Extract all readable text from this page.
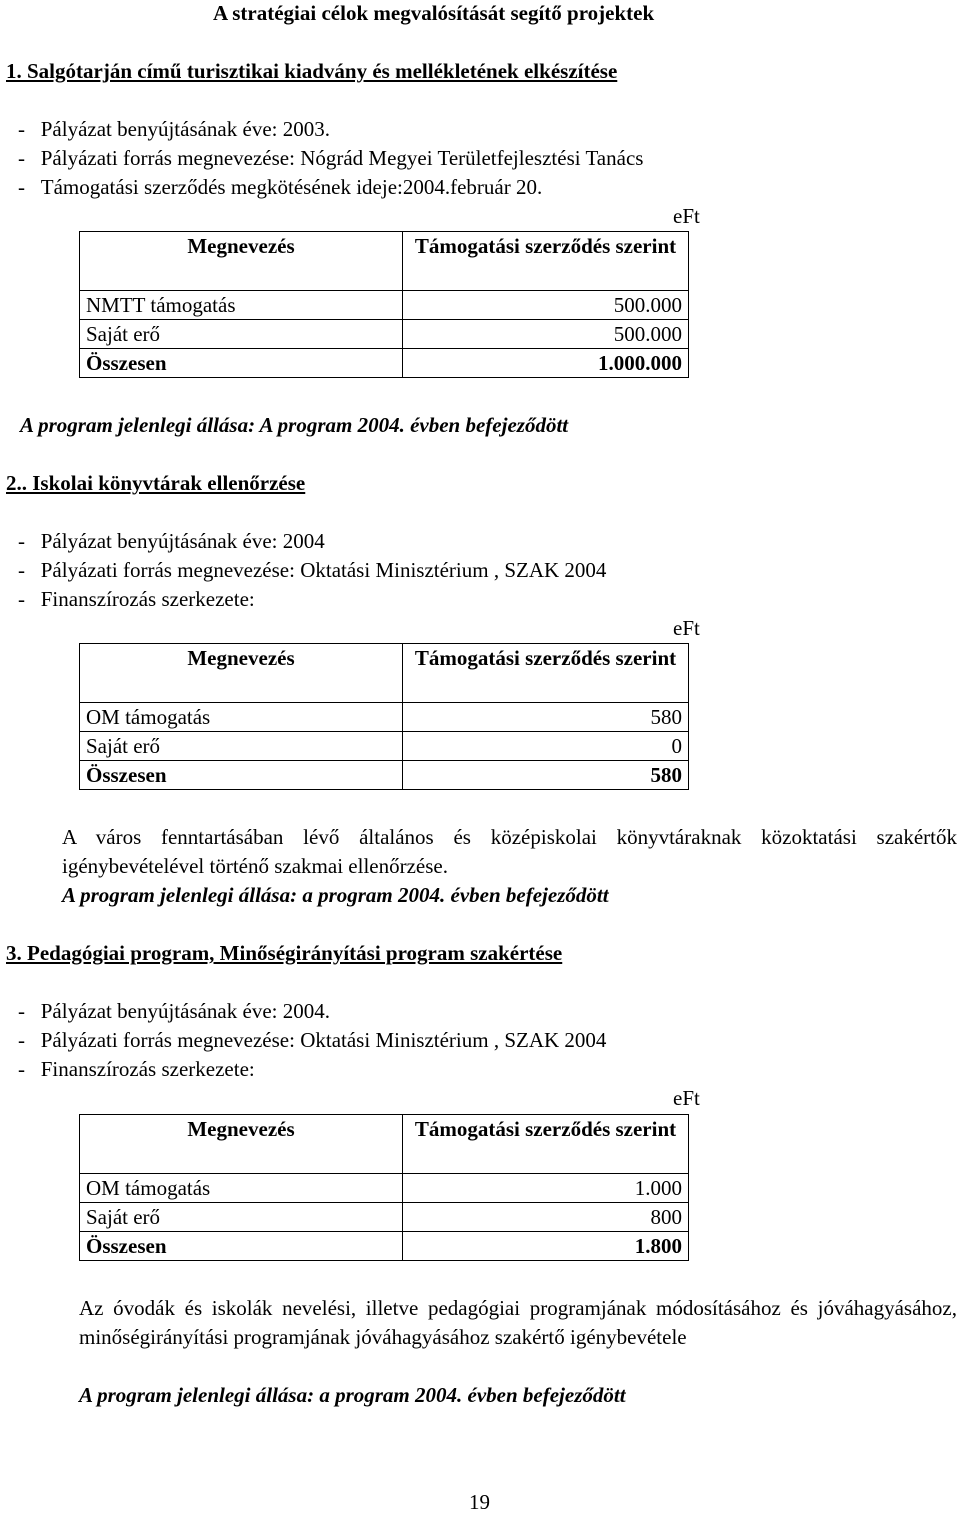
A stratégiai célok megvalósítását segítő projektek
1. Salgótarján című turisztikai kiadvány és mellékletének elkészítése
-   Pályázat benyújtásának éve: 2003.
-   Pályázati forrás megnevezése: Nógrád Megyei Területfejlesztési Tanács
-   Támogatási szerződés megkötésének ideje:2004.február 20.
eFt
Megnevezés	Támogatási szerződés szerint
NMTT támogatás	500.000
Saját erő	500.000
Összesen	1.000.000
A program jelenlegi állása: A program 2004. évben befejeződött
2.. Iskolai könyvtárak ellenőrzése
-   Pályázat benyújtásának éve: 2004
-   Pályázati forrás megnevezése: Oktatási Minisztérium , SZAK 2004
-   Finanszírozás szerkezete:
eFt
Megnevezés	Támogatási szerződés szerint
OM támogatás	580
Saját erő	0
Összesen	580
A város fenntartásában lévő általános és középiskolai könyvtáraknak közoktatási szakértők igénybevételével történő szakmai ellenőrzése.
A program jelenlegi állása: a program 2004. évben befejeződött
3. Pedagógiai program, Minőségirányítási program szakértése
-   Pályázat benyújtásának éve: 2004.
-   Pályázati forrás megnevezése: Oktatási Minisztérium , SZAK 2004
-   Finanszírozás szerkezete:
eFt
Megnevezés	Támogatási szerződés szerint
OM támogatás	1.000
Saját erő	800
Összesen	1.800
Az óvodák és iskolák nevelési, illetve pedagógiai programjának módosításához és jóváhagyásához, minőségirányítási programjának jóváhagyásához szakértő igénybevétele
A program jelenlegi állása: a program 2004. évben befejeződött
19
